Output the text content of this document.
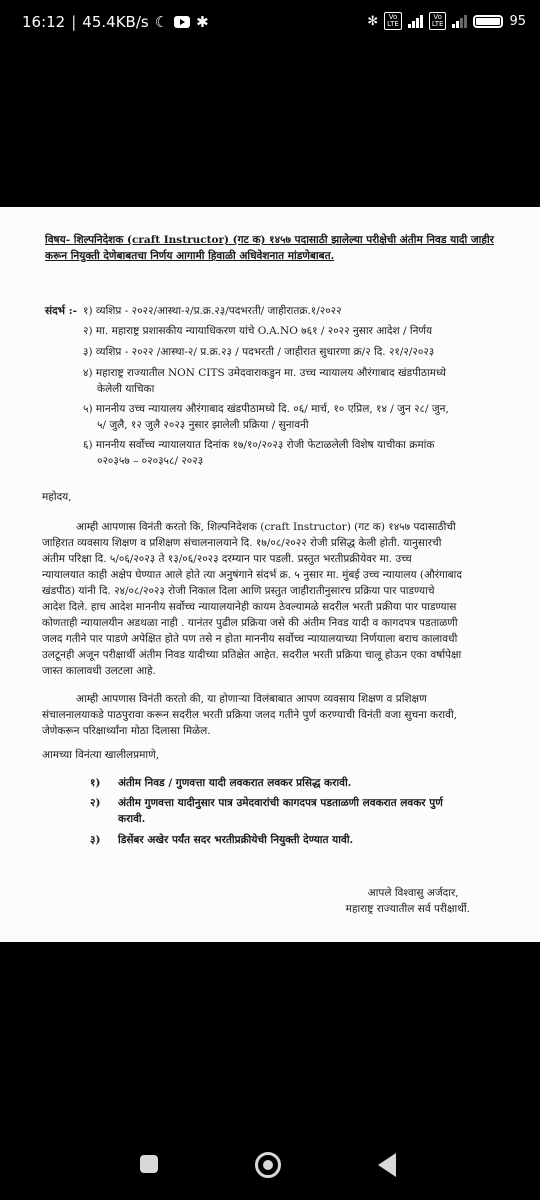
16:12 | 45.4KB/s ☾ ✱	✻	Vo
LTE
Vo
LTE	95
विषय- शिल्पनिदेशक (craft Instructor) (गट क) १४५७ पदासाठी झालेल्या परीक्षेची अंतीम निवड यादी जाहीर करून नियुक्ती देणेबाबतचा निर्णय आगामी हिवाळी अधिवेशनात मांडणेबाबत.
संदर्भ :- १) व्यशिप्र - २०२२/आस्था-२/प्र.क्र.२३/पदभरती/ जाहीरातक्र.१/२०२२
२) मा. महाराष्ट्र प्रशासकीय न्यायाधिकरण यांचे O.A.NO ७६१ / २०२२ नुसार आदेश / निर्णय
३) व्यशिप्र - २०२२ /आस्था-२/ प्र.क्र.२३ / पदभरती / जाहीरात सुधारणा क्र/२ दि. २१/२/२०२३
४) महाराष्ट्र राज्यातील NON CITS उमेदवाराकडुन मा. उच्च न्यायालय औरंगाबाद खंडपीठामध्ये
केलेली याचिका
५) माननीय उच्च न्यायालय औरंगाबाद खंडपीठामध्ये दि. ०६/ मार्च, १० एप्रिल, १४ / जुन २८/ जुन,
५/ जुलै, १२ जुलै २०२३ नुसार झालेली प्रक्रिया / सुनावनी
६) माननीय सर्वोच्च न्यायालयात दिनांक १७/१०/२०२३ रोजी फेटाळलेली विशेष याचीका क्रमांक
०२०३५७ – ०२०३५८/ २०२३
महोदय,
आम्ही आपणास विनंती करतो कि, शिल्पनिदेशक (craft Instructor) (गट क) १४५७ पदासाठीची
जाहिरात व्यवसाय शिक्षण व प्रशिक्षण संचालनालयाने दि. १७/०८/२०२२ रोजी प्रसिद्ध केली होती. यानुसारची
अंतीम परिक्षा दि. ५/०६/२०२३ ते १३/०६/२०२३ दरम्यान पार पडली. प्रस्तुत भरतीप्रक्रीयेवर मा. उच्च
न्यायालयात काही अक्षेप घेण्यात आले होते त्या अनुषंगाने संदर्भ क्र. ५ नुसार मा. मुंबई उच्च न्यायालय (औरंगाबाद
खंडपीठ) यांनी दि. २४/०८/२०२३ रोजी निकाल दिला आणि प्रस्तुत जाहीरातीनुसारच प्रक्रिया पार पाडण्याचे
आदेश दिले. हाच आदेश माननीय सर्वोच्च न्यायालयानेही कायम ठेवल्यामळे सदरील भरती प्रक्रीया पार पाडण्यास
कोणताही न्यायालयीन अडथळा नाही . यानंतर पुढील प्रक्रिया जसे की अंतीम निवड यादी व कागदपत्र पडताळणी
जलद गतीने पार पाडणे अपेक्षित होते पण तसे न होता माननीय सर्वोच्च न्यायालयाच्या निर्णयाला बराच कालावधी
उलटूनही अजून परीक्षार्थी अंतीम निवड यादीच्या प्रतिक्षेत आहेत. सदरील भरती प्रक्रिया चालू होऊन एका वर्षापेक्षा
जास्त कालावधी उलटला आहे.
आम्ही आपणास विनंती करतो की, या होणाऱ्या विलंबाबात आपण व्यवसाय शिक्षण व प्रशिक्षण
संचालनालयाकडे पाठपुरावा करून सदरील भरती प्रक्रिया जलद गतीने पुर्ण करण्याची विनंती वजा सुचना करावी,
जेणेकरून परिक्षार्थ्यांना मोठा दिलासा मिळेल.
आमच्या विनंत्या खालीलप्रमाणे,
१)	अंतीम निवड / गुणवत्ता यादी लवकरात लवकर प्रसिद्ध करावी.
२)	अंतीम गुणवत्ता यादीनुसार पात्र उमेदवारांची कागदपत्र पडताळणी लवकरात लवकर पुर्ण
करावी.
३)	डिसेंबर अखेर पर्यंत सदर भरतीप्रक्रीयेची नियुक्ती देण्यात यावी.
आपले विश्वासु अर्जदार,
महाराष्ट्र राज्यातील सर्व परीक्षार्थी.
